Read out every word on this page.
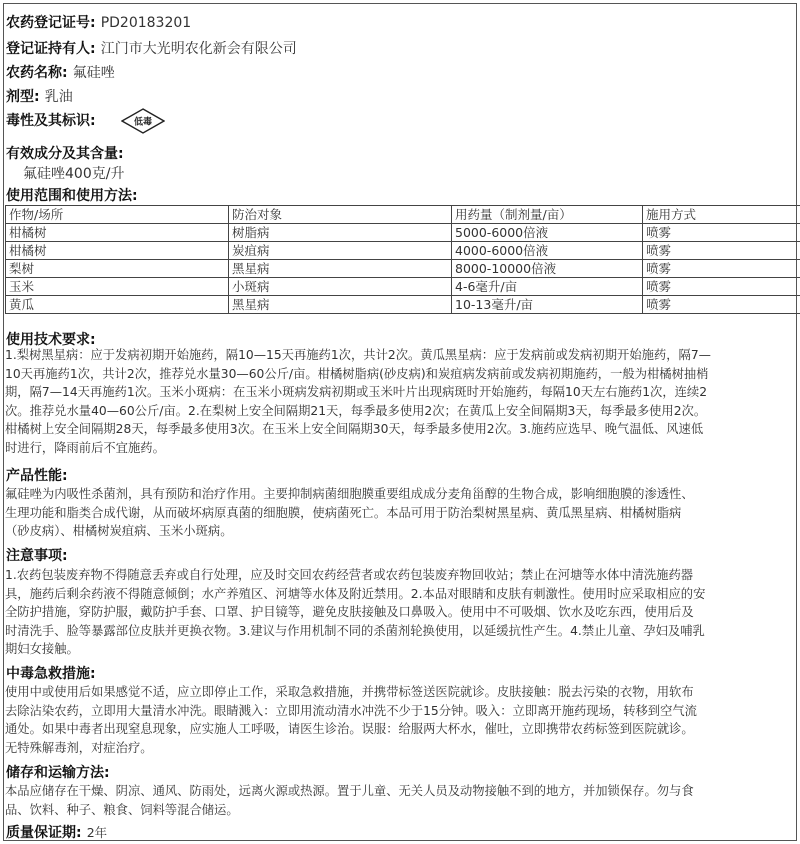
农药登记证号: PD20183201
登记证持有人: 江门市大光明农化新会有限公司
农药名称: 氟硅唑
剂型: 乳油
毒性及其标识:	低毒
有效成分及其含量:
氟硅唑400克/升
使用范围和使用方法:
作物/场所	防治对象	用药量（制剂量/亩）	施用方式
柑橘树	树脂病	5000-6000倍液	喷雾
柑橘树	炭疽病	4000-6000倍液	喷雾
梨树	黑星病	8000-10000倍液	喷雾
玉米	小斑病	4-6毫升/亩	喷雾
黄瓜	黑星病	10-13毫升/亩	喷雾
使用技术要求:
1.梨树黑星病：应于发病初期开始施药，隔10—15天再施药1次，共计2次。黄瓜黑星病：应于发病前或发病初期开始施药，隔7—
10天再施药1次，共计2次，推荐兑水量30—60公斤/亩。柑橘树脂病(砂皮病)和炭疽病发病前或发病初期施药，一般为柑橘树抽梢
期，隔7—14天再施药1次。玉米小斑病：在玉米小斑病发病初期或玉米叶片出现病斑时开始施药，每隔10天左右施药1次，连续2
次。推荐兑水量40—60公斤/亩。2.在梨树上安全间隔期21天，每季最多使用2次；在黄瓜上安全间隔期3天，每季最多使用2次。
柑橘树上安全间隔期28天，每季最多使用3次。在玉米上安全间隔期30天，每季最多使用2次。3.施药应选早、晚气温低、风速低
时进行，降雨前后不宜施药。
产品性能:
氟硅唑为内吸性杀菌剂，具有预防和治疗作用。主要抑制病菌细胞膜重要组成成分麦角甾醇的生物合成，影响细胞膜的渗透性、
生理功能和脂类合成代谢，从而破坏病原真菌的细胞膜，使病菌死亡。本品可用于防治梨树黑星病、黄瓜黑星病、柑橘树脂病
（砂皮病）、柑橘树炭疽病、玉米小斑病。
注意事项:
1.农药包装废弃物不得随意丢弃或自行处理，应及时交回农药经营者或农药包装废弃物回收站；禁止在河塘等水体中清洗施药器
具，施药后剩余药液不得随意倾倒；水产养殖区、河塘等水体及附近禁用。2.本品对眼睛和皮肤有刺激性。使用时应采取相应的安
全防护措施，穿防护服，戴防护手套、口罩、护目镜等，避免皮肤接触及口鼻吸入。使用中不可吸烟、饮水及吃东西，使用后及
时清洗手、脸等暴露部位皮肤并更换衣物。3.建议与作用机制不同的杀菌剂轮换使用，以延缓抗性产生。4.禁止儿童、孕妇及哺乳
期妇女接触。
中毒急救措施:
使用中或使用后如果感觉不适，应立即停止工作，采取急救措施，并携带标签送医院就诊。皮肤接触：脱去污染的衣物，用软布
去除沾染农药，立即用大量清水冲洗。眼睛溅入：立即用流动清水冲洗不少于15分钟。吸入：立即离开施药现场，转移到空气流
通处。如果中毒者出现窒息现象，应实施人工呼吸，请医生诊治。误服：给服两大杯水，催吐，立即携带农药标签到医院就诊。
无特殊解毒剂，对症治疗。
储存和运输方法:
本品应储存在干燥、阴凉、通风、防雨处，远离火源或热源。置于儿童、无关人员及动物接触不到的地方，并加锁保存。勿与食
品、饮料、种子、粮食、饲料等混合储运。
质量保证期: 2年
